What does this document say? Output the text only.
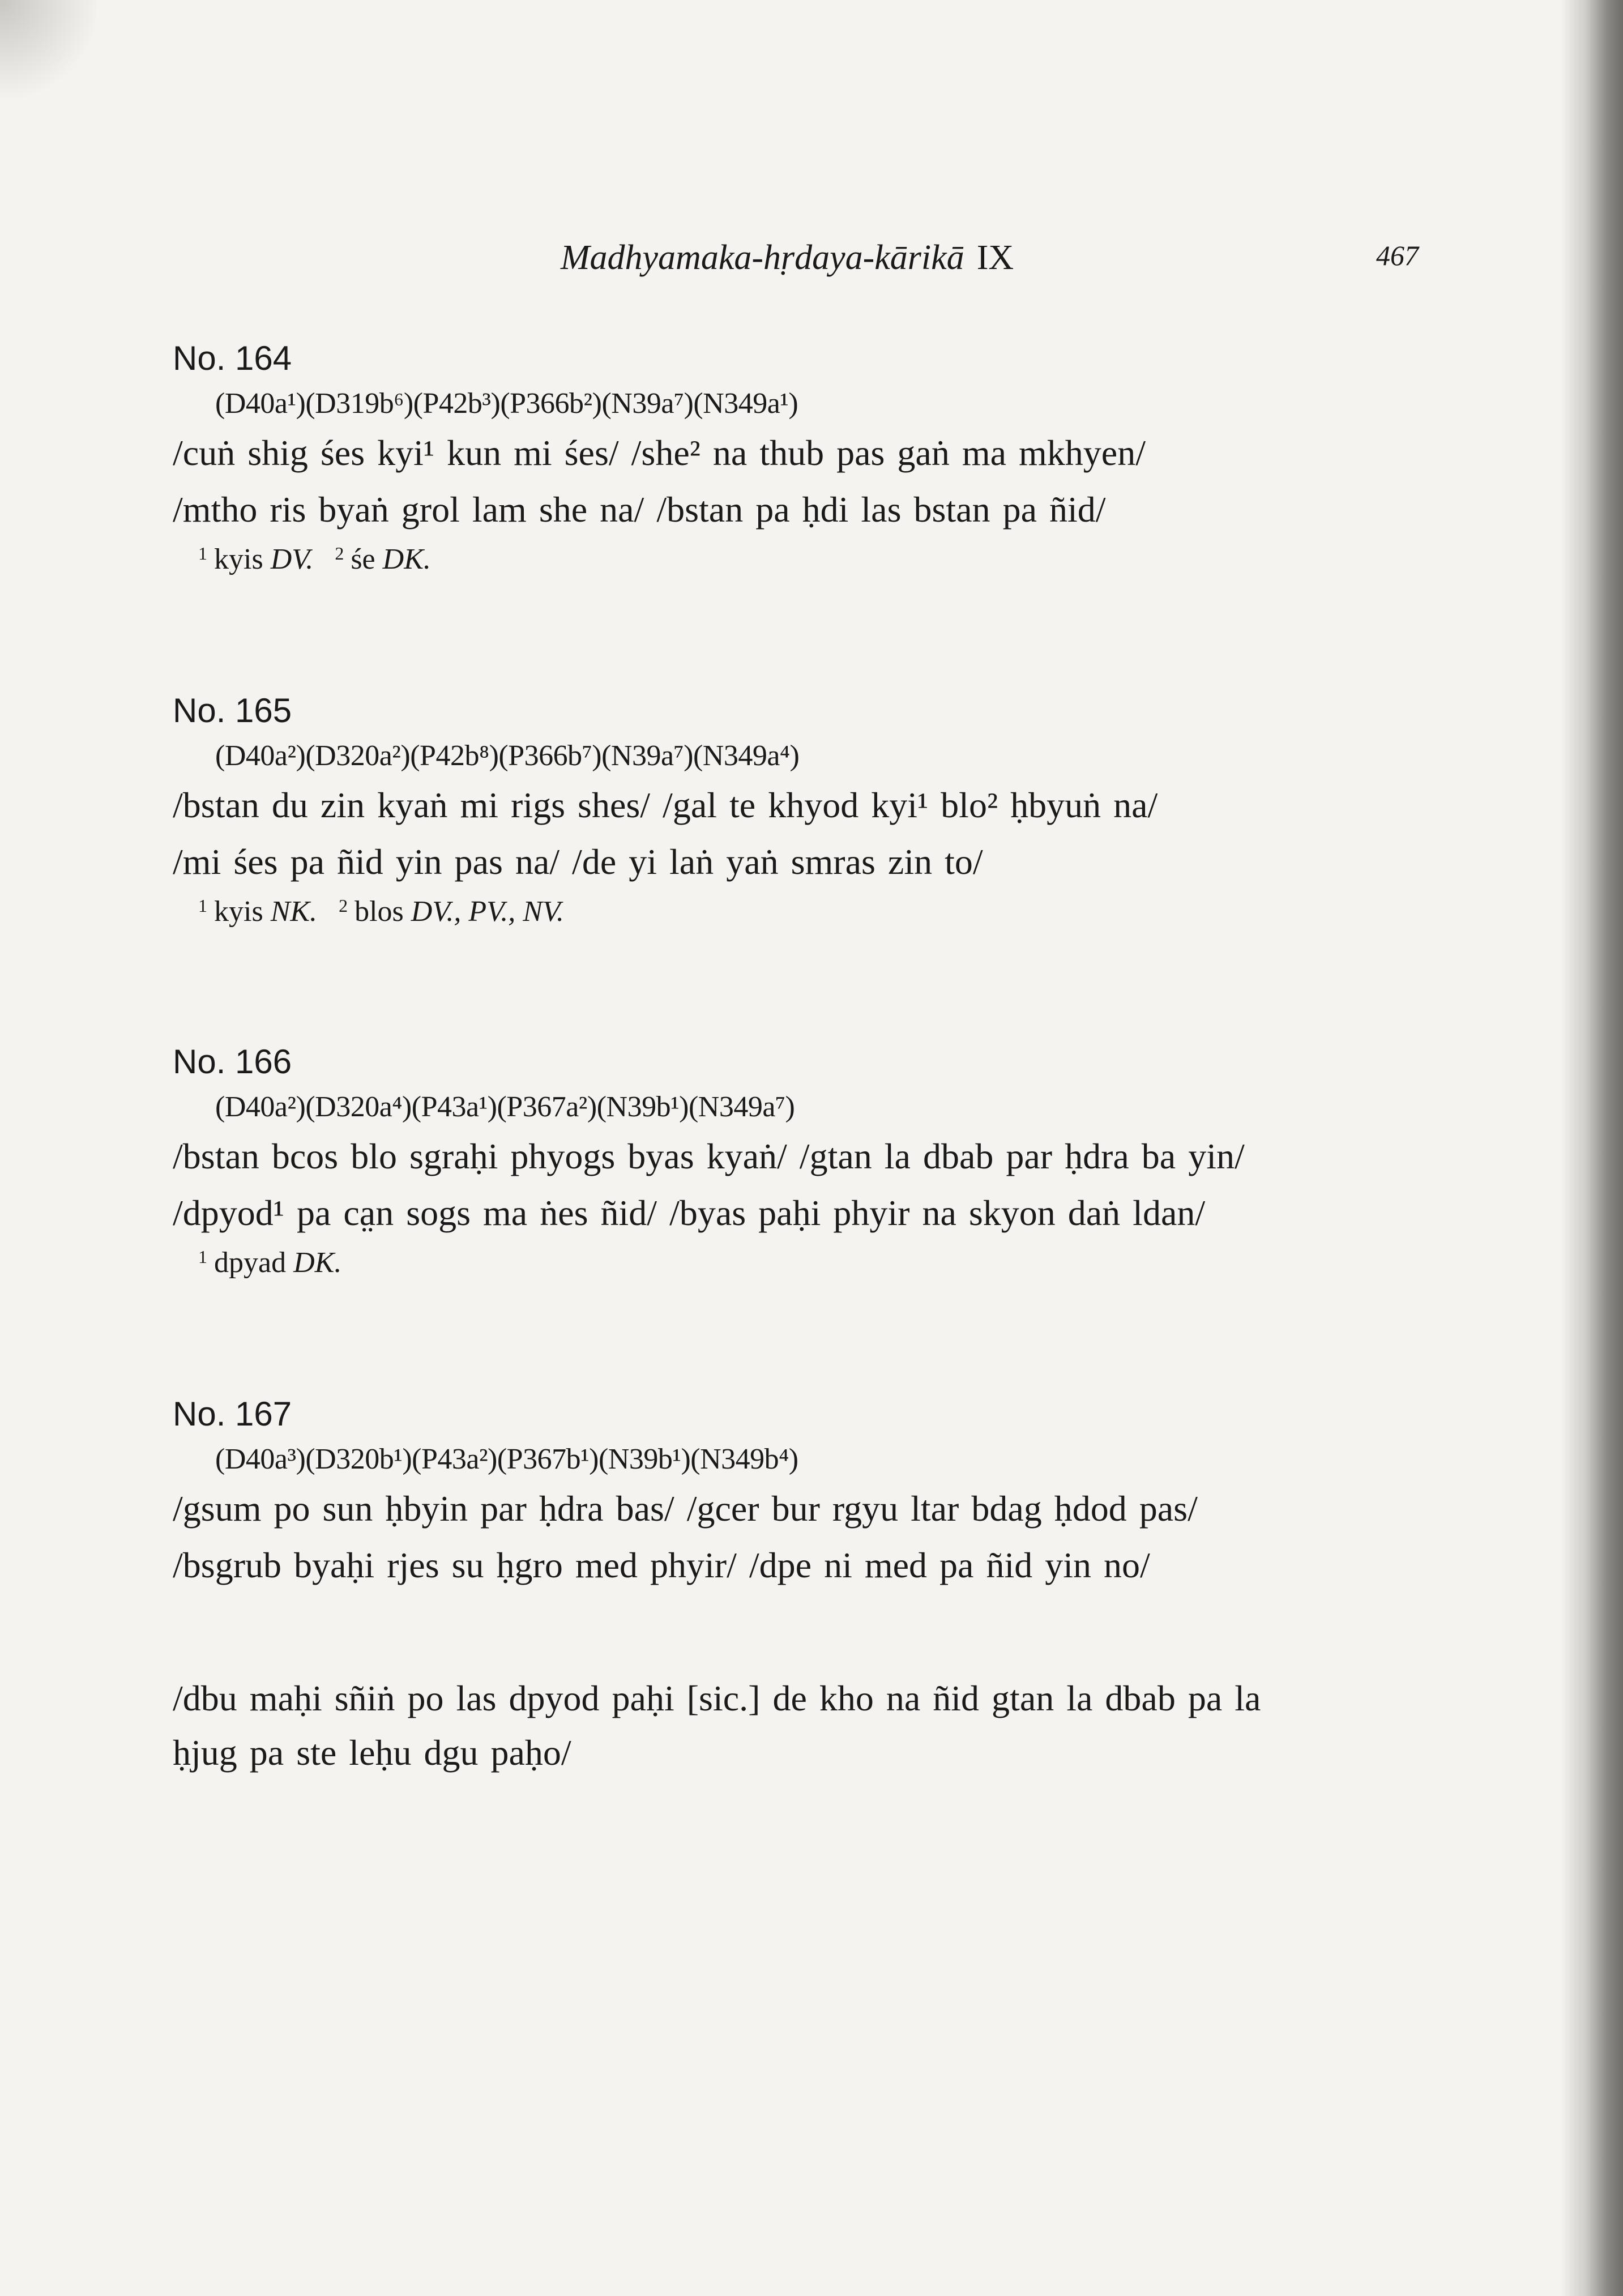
Madhyamaka-hṛdaya-kārikā IX	467
No. 164
(D40a¹)(D319b⁶)(P42b³)(P366b²)(N39a⁷)(N349a¹)
/cuṅ shig śes kyi¹ kun mi śes/ /she² na thub pas gaṅ ma mkhyen/
/mtho ris byaṅ grol lam she na/ /bstan pa ḥdi las bstan pa ñid/
$^1$ kyis DV. $^2$ śe DK.
No. 165
(D40a²)(D320a²)(P42b⁸)(P366b⁷)(N39a⁷)(N349a⁴)
/bstan du zin kyaṅ mi rigs shes/ /gal te khyod kyi¹ blo² ḥbyuṅ na/
/mi śes pa ñid yin pas na/ /de yi laṅ yaṅ smras zin to/
$^1$ kyis NK. $^2$ blos DV., PV., NV.
No. 166
(D40a²)(D320a⁴)(P43a¹)(P367a²)(N39b¹)(N349a⁷)
/bstan bcos blo sgraḥi phyogs byas kyaṅ/ /gtan la dbab par ḥdra ba yin/
/dpyod¹ pa ca̤n sogs ma ṅes ñid/ /byas paḥi phyir na skyon daṅ ldan/
$^1$ dpyad DK.
No. 167
(D40a³)(D320b¹)(P43a²)(P367b¹)(N39b¹)(N349b⁴)
/gsum po sun ḥbyin par ḥdra bas/ /gcer bur rgyu ltar bdag ḥdod pas/
/bsgrub byaḥi rjes su ḥgro med phyir/ /dpe ni med pa ñid yin no/
/dbu maḥi sñiṅ po las dpyod paḥi [sic.] de kho na ñid gtan la dbab pa la
ḥjug pa ste leḥu dgu paḥo/
